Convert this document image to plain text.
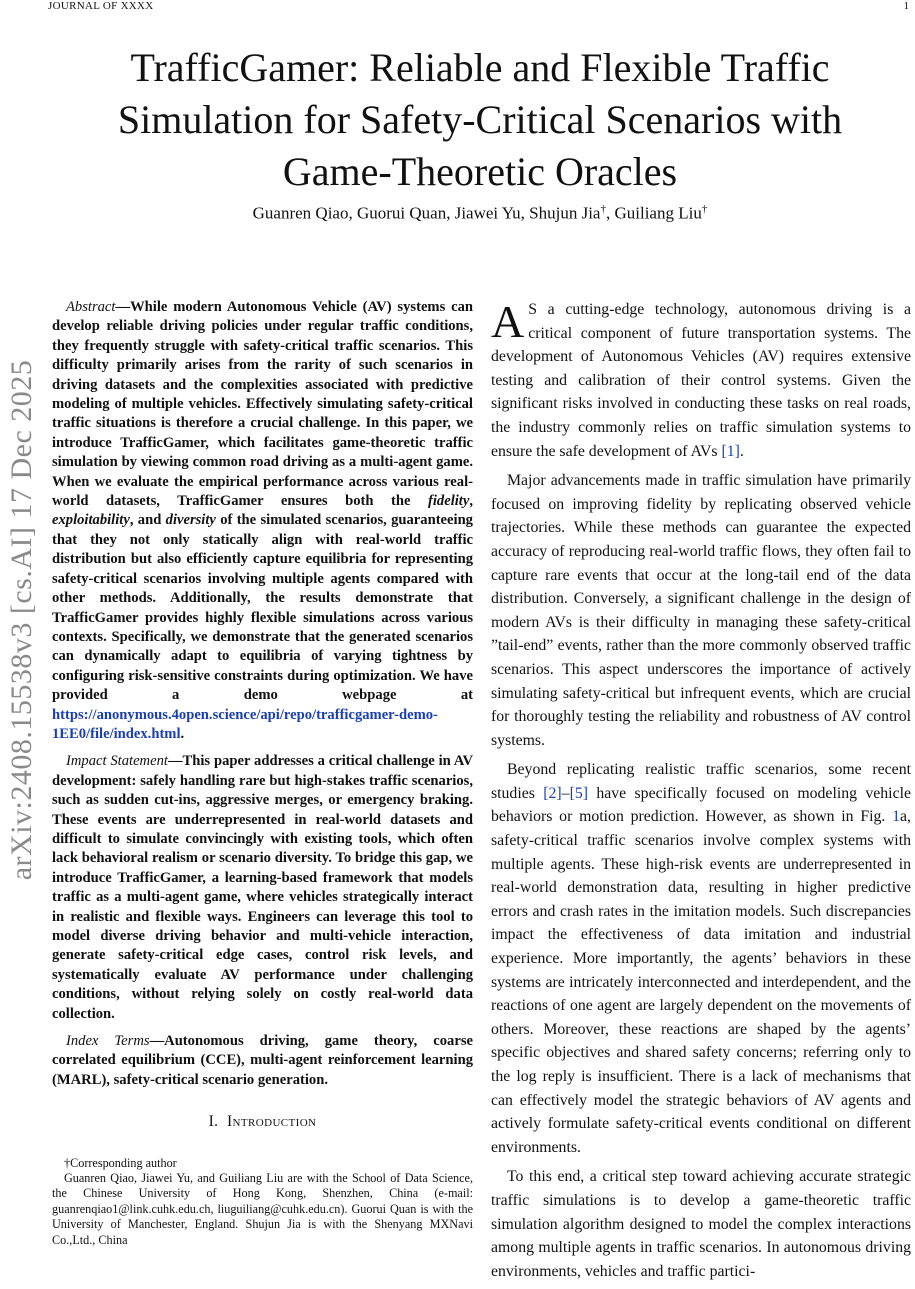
JOURNAL OF XXXX	1
arXiv:2408.15538v3 [cs.AI] 17 Dec 2025
TrafficGamer: Reliable and Flexible Traffic Simulation for Safety-Critical Scenarios with Game-Theoretic Oracles
Guanren Qiao, Guorui Quan, Jiawei Yu, Shujun Jia†, Guiliang Liu†

Abstract—While modern Autonomous Vehicle (AV) systems can develop reliable driving policies under regular traffic conditions, they frequently struggle with safety-critical traffic scenarios. This difficulty primarily arises from the rarity of such scenarios in driving datasets and the complexities associated with predictive modeling of multiple vehicles. Effectively simulating safety-critical traffic situations is therefore a crucial challenge. In this paper, we introduce TrafficGamer, which facilitates game-theoretic traffic simulation by viewing common road driving as a multi-agent game. When we evaluate the empirical performance across various real-world datasets, TrafficGamer ensures both the fidelity, exploitability, and diversity of the simulated scenarios, guaranteeing that they not only statically align with real-world traffic distribution but also efficiently capture equilibria for representing safety-critical scenarios involving multiple agents compared with other methods. Additionally, the results demonstrate that TrafficGamer provides highly flexible simulations across various contexts. Specifically, we demonstrate that the generated scenarios can dynamically adapt to equilibria of varying tightness by configuring risk-sensitive constraints during optimization. We have provided a demo webpage at https://anonymous.4open.science/api/repo/trafficgamer-demo-1EE0/file/index.html.

Impact Statement—This paper addresses a critical challenge in AV development: safely handling rare but high-stakes traffic scenarios, such as sudden cut-ins, aggressive merges, or emergency braking. These events are underrepresented in real-world datasets and difficult to simulate convincingly with existing tools, which often lack behavioral realism or scenario diversity. To bridge this gap, we introduce TrafficGamer, a learning-based framework that models traffic as a multi-agent game, where vehicles strategically interact in realistic and flexible ways. Engineers can leverage this tool to model diverse driving behavior and multi-vehicle interaction, generate safety-critical edge cases, control risk levels, and systematically evaluate AV performance under challenging conditions, without relying solely on costly real-world data collection.

Index Terms—Autonomous driving, game theory, coarse correlated equilibrium (CCE), multi-agent reinforcement learning (MARL), safety-critical scenario generation.

I. Introduction

†Corresponding author

Guanren Qiao, Jiawei Yu, and Guiliang Liu are with the School of Data Science, the Chinese University of Hong Kong, Shenzhen, China (e-mail: guanrenqiao1@link.cuhk.edu.ch, liuguiliang@cuhk.edu.cn). Guorui Quan is with the University of Manchester, England. Shujun Jia is with the Shenyang MXNavi Co.,Ltd., China

A S a cutting-edge technology, autonomous driving is a critical component of future transportation systems. The development of Autonomous Vehicles (AV) requires extensive testing and calibration of their control systems. Given the significant risks involved in conducting these tasks on real roads, the industry commonly relies on traffic simulation systems to ensure the safe development of AVs [1].

Major advancements made in traffic simulation have primarily focused on improving fidelity by replicating observed vehicle trajectories. While these methods can guarantee the expected accuracy of reproducing real-world traffic flows, they often fail to capture rare events that occur at the long-tail end of the data distribution. Conversely, a significant challenge in the design of modern AVs is their difficulty in managing these safety-critical ”tail-end” events, rather than the more commonly observed traffic scenarios. This aspect underscores the importance of actively simulating safety-critical but infrequent events, which are crucial for thoroughly testing the reliability and robustness of AV control systems.

Beyond replicating realistic traffic scenarios, some recent studies [2]–[5] have specifically focused on modeling vehicle behaviors or motion prediction. However, as shown in Fig. 1a, safety-critical traffic scenarios involve complex systems with multiple agents. These high-risk events are underrepresented in real-world demonstration data, resulting in higher predictive errors and crash rates in the imitation models. Such discrepancies impact the effectiveness of data imitation and industrial experience. More importantly, the agents’ behaviors in these systems are intricately interconnected and interdependent, and the reactions of one agent are largely dependent on the movements of others. Moreover, these reactions are shaped by the agents’ specific objectives and shared safety concerns; referring only to the log reply is insufficient. There is a lack of mechanisms that can effectively model the strategic behaviors of AV agents and actively formulate safety-critical events conditional on different environments.

To this end, a critical step toward achieving accurate strategic traffic simulations is to develop a game-theoretic traffic simulation algorithm designed to model the complex interactions among multiple agents in traffic scenarios. In autonomous driving environments, vehicles and traffic partici-
